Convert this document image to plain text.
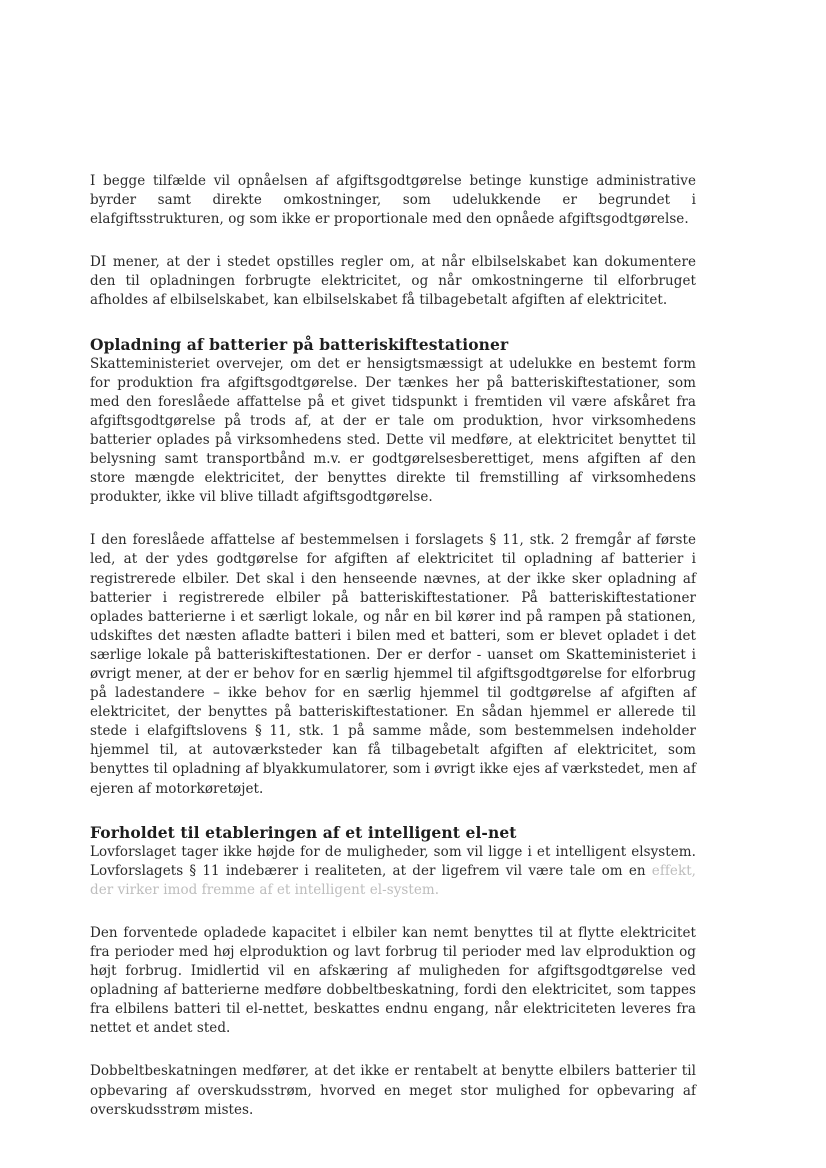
I begge tilfælde vil opnåelsen af afgiftsgodtgørelse betinge kunstige administrative byrder samt direkte omkostninger, som udelukkende er begrundet i elafgiftsstrukturen, og som ikke er proportionale med den opnåede afgiftsgodtgørelse.

DI mener, at der i stedet opstilles regler om, at når elbilselskabet kan dokumentere den til opladningen forbrugte elektricitet, og når omkostningerne til elforbruget afholdes af elbilselskabet, kan elbilselskabet få tilbagebetalt afgiften af elektricitet.

Opladning af batterier på batteriskiftestationer

Skatteministeriet overvejer, om det er hensigtsmæssigt at udelukke en bestemt form for produktion fra afgiftsgodtgørelse. Der tænkes her på batteriskiftestationer, som med den foreslåede affattelse på et givet tidspunkt i fremtiden vil være afskåret fra afgiftsgodtgørelse på trods af, at der er tale om produktion, hvor virksomhedens batterier oplades på virksomhedens sted. Dette vil medføre, at elektricitet benyttet til belysning samt transportbånd m.v. er godtgørelsesberettiget, mens afgiften af den store mængde elektricitet, der benyttes direkte til fremstilling af virksomhedens produkter, ikke vil blive tilladt afgiftsgodtgørelse.

I den foreslåede affattelse af bestemmelsen i forslagets § 11, stk. 2 fremgår af første led, at der ydes godtgørelse for afgiften af elektricitet til opladning af batterier i registrerede elbiler. Det skal i den henseende nævnes, at der ikke sker opladning af batterier i registrerede elbiler på batteriskiftestationer. På batteriskiftestationer oplades batterierne i et særligt lokale, og når en bil kører ind på rampen på stationen, udskiftes det næsten afladte batteri i bilen med et batteri, som er blevet opladet i det særlige lokale på batteriskiftestationen. Der er derfor - uanset om Skatteministeriet i øvrigt mener, at der er behov for en særlig hjemmel til afgiftsgodtgørelse for elforbrug på ladestandere – ikke behov for en særlig hjemmel til godtgørelse af afgiften af elektricitet, der benyttes på batteriskiftestationer. En sådan hjemmel er allerede til stede i elafgiftslovens § 11, stk. 1 på samme måde, som bestemmelsen indeholder hjemmel til, at autoværksteder kan få tilbagebetalt afgiften af elektricitet, som benyttes til opladning af blyakkumulatorer, som i øvrigt ikke ejes af værkstedet, men af ejeren af motorkøretøjet.

Forholdet til etableringen af et intelligent el-net

Lovforslaget tager ikke højde for de muligheder, som vil ligge i et intelligent elsystem. Lovforslagets § 11 indebærer i realiteten, at der ligefrem vil være tale om en effekt, der virker imod fremme af et intelligent el-system.

Den forventede opladede kapacitet i elbiler kan nemt benyttes til at flytte elektricitet fra perioder med høj elproduktion og lavt forbrug til perioder med lav elproduktion og højt forbrug. Imidlertid vil en afskæring af muligheden for afgiftsgodtgørelse ved opladning af batterierne medføre dobbeltbeskatning, fordi den elektricitet, som tappes fra elbilens batteri til el-nettet, beskattes endnu engang, når elektriciteten leveres fra nettet et andet sted.

Dobbeltbeskatningen medfører, at det ikke er rentabelt at benytte elbilers batterier til opbevaring af overskudsstrøm, hvorved en meget stor mulighed for opbevaring af overskudsstrøm mistes.
